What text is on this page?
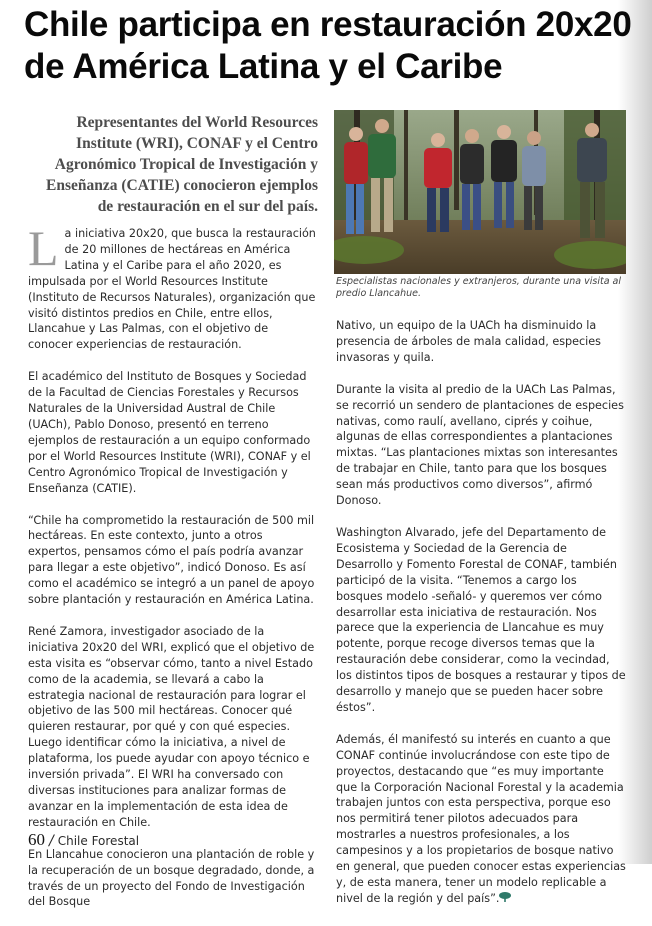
Chile participa en restauración 20x20 de América Latina y el Caribe

Representantes del World Resources Institute (WRI), CONAF y el Centro Agronómico Tropical de Investigación y Enseñanza (CATIE) conocieron ejemplos de restauración en el sur del país.

Especialistas nacionales y extranjeros, durante una visita al predio Llancahue.

La iniciativa 20x20, que busca la restauración de 20 millones de hectáreas en América Latina y el Caribe para el año 2020, es impulsada por el World Resources Institute (Instituto de Recursos Naturales), organización que visitó distintos predios en Chile, entre ellos, Llancahue y Las Palmas, con el objetivo de conocer experiencias de restauración.

El académico del Instituto de Bosques y Sociedad de la Facultad de Ciencias Forestales y Recursos Naturales de la Universidad Austral de Chile (UACh), Pablo Donoso, presentó en terreno ejemplos de restauración a un equipo conformado por el World Resources Institute (WRI), CONAF y el Centro Agronómico Tropical de Investigación y Enseñanza (CATIE).

“Chile ha comprometido la restauración de 500 mil hectáreas. En este contexto, junto a otros expertos, pensamos cómo el país podría avanzar para llegar a este objetivo”, indicó Donoso. Es así como el académico se integró a un panel de apoyo sobre plantación y restauración en América Latina.

René Zamora, investigador asociado de la iniciativa 20x20 del WRI, explicó que el objetivo de esta visita es “observar cómo, tanto a nivel Estado como de la academia, se llevará a cabo la estrategia nacional de restauración para lograr el objetivo de las 500 mil hectáreas. Conocer qué quieren restaurar, por qué y con qué especies. Luego identificar cómo la iniciativa, a nivel de plataforma, los puede ayudar con apoyo técnico e inversión privada”. El WRI ha conversado con diversas instituciones para analizar formas de avanzar en la implementación de esta idea de restauración en Chile.

En Llancahue conocieron una plantación de roble y la recuperación de un bosque degradado, donde, a través de un proyecto del Fondo de Investigación del Bosque

Nativo, un equipo de la UACh ha disminuido la presencia de árboles de mala calidad, especies invasoras y quila.

Durante la visita al predio de la UACh Las Palmas, se recorrió un sendero de plantaciones de especies nativas, como raulí, avellano, ciprés y coihue, algunas de ellas correspondientes a plantaciones mixtas. “Las plantaciones mixtas son interesantes de trabajar en Chile, tanto para que los bosques sean más productivos como diversos”, afirmó Donoso.

Washington Alvarado, jefe del Departamento de Ecosistema y Sociedad de la Gerencia de Desarrollo y Fomento Forestal de CONAF, también participó de la visita. “Tenemos a cargo los bosques modelo -señaló- y queremos ver cómo desarrollar esta iniciativa de restauración. Nos parece que la experiencia de Llancahue es muy potente, porque recoge diversos temas que la restauración debe considerar, como la vecindad, los distintos tipos de bosques a restaurar y tipos de desarrollo y manejo que se pueden hacer sobre éstos”.

Además, él manifestó su interés en cuanto a que CONAF continúe involucrándose con este tipo de proyectos, destacando que “es muy importante que la Corporación Nacional Forestal y la academia trabajen juntos con esta perspectiva, porque eso nos permitirá tener pilotos adecuados para mostrarles a nuestros profesionales, a los campesinos y a los propietarios de bosque nativo en general, que pueden conocer estas experiencias y, de esta manera, tener un modelo replicable a nivel de la región y del país”.

60 / Chile Forestal
